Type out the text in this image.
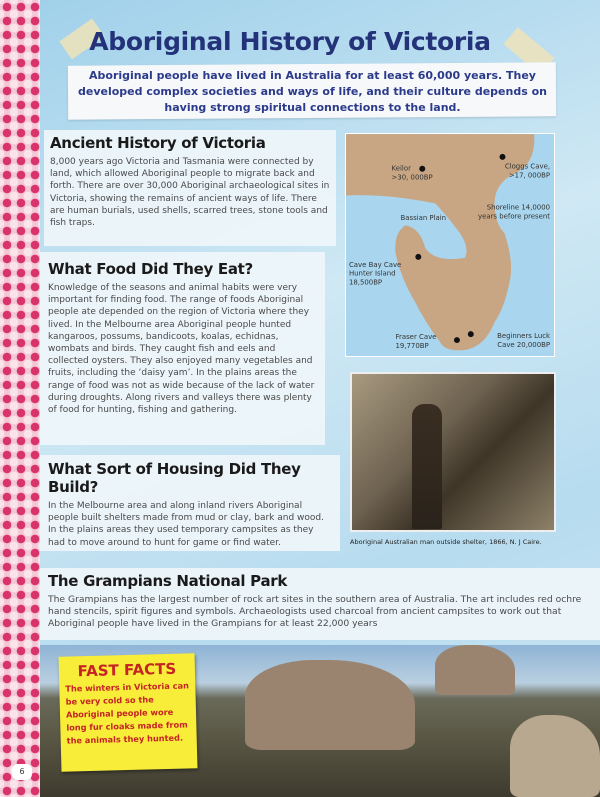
Aboriginal History of Victoria
Aboriginal people have lived in Australia for at least 60,000 years. They developed complex societies and ways of life, and their culture depends on having strong spiritual connections to the land.
Ancient History of Victoria

8,000 years ago Victoria and Tasmania were connected by land, which allowed Aboriginal people to migrate back and forth. There are over 30,000 Aboriginal archaeological sites in Victoria, showing the remains of ancient ways of life. There are human burials, used shells, scarred trees, stone tools and fish traps.

What Food Did They Eat?

Knowledge of the seasons and animal habits were very important for finding food. The range of foods Aboriginal people ate depended on the region of Victoria where they lived. In the Melbourne area Aboriginal people hunted kangaroos, possums, bandicoots, koalas, echidnas, wombats and birds. They caught fish and eels and collected oysters. They also enjoyed many vegetables and fruits, including the ‘daisy yam’. In the plains areas the range of food was not as wide because of the lack of water during droughts. Along rivers and valleys there was plenty of food for hunting, fishing and gathering.

What Sort of Housing Did They Build?

In the Melbourne area and along inland rivers Aboriginal people built shelters made from mud or clay, bark and wood. In the plains areas they used temporary campsites as they had to move around to hunt for game or find water.

The Grampians National Park

The Grampians has the largest number of rock art sites in the southern area of Australia. The art includes red ochre hand stencils, spirit figures and symbols. Archaeologists used charcoal from ancient campsites to work out that Aboriginal people have lived in the Grampians for at least 22,000 years

Keilor
>30, 000BP
Cloggs Cave,
>17, 000BP
Shoreline 14,0000
years before present
Bassian Plain
Cave Bay Cave
Hunter Island
18,500BP
Fraser Cave
19,770BP
Beginners Luck
Cave 20,000BP
Aboriginal Australian man outside shelter, 1866, N. J Caire.
FAST FACTS

The winters in Victoria can be very cold so the Aboriginal people wore long fur cloaks made from the animals they hunted.

6
